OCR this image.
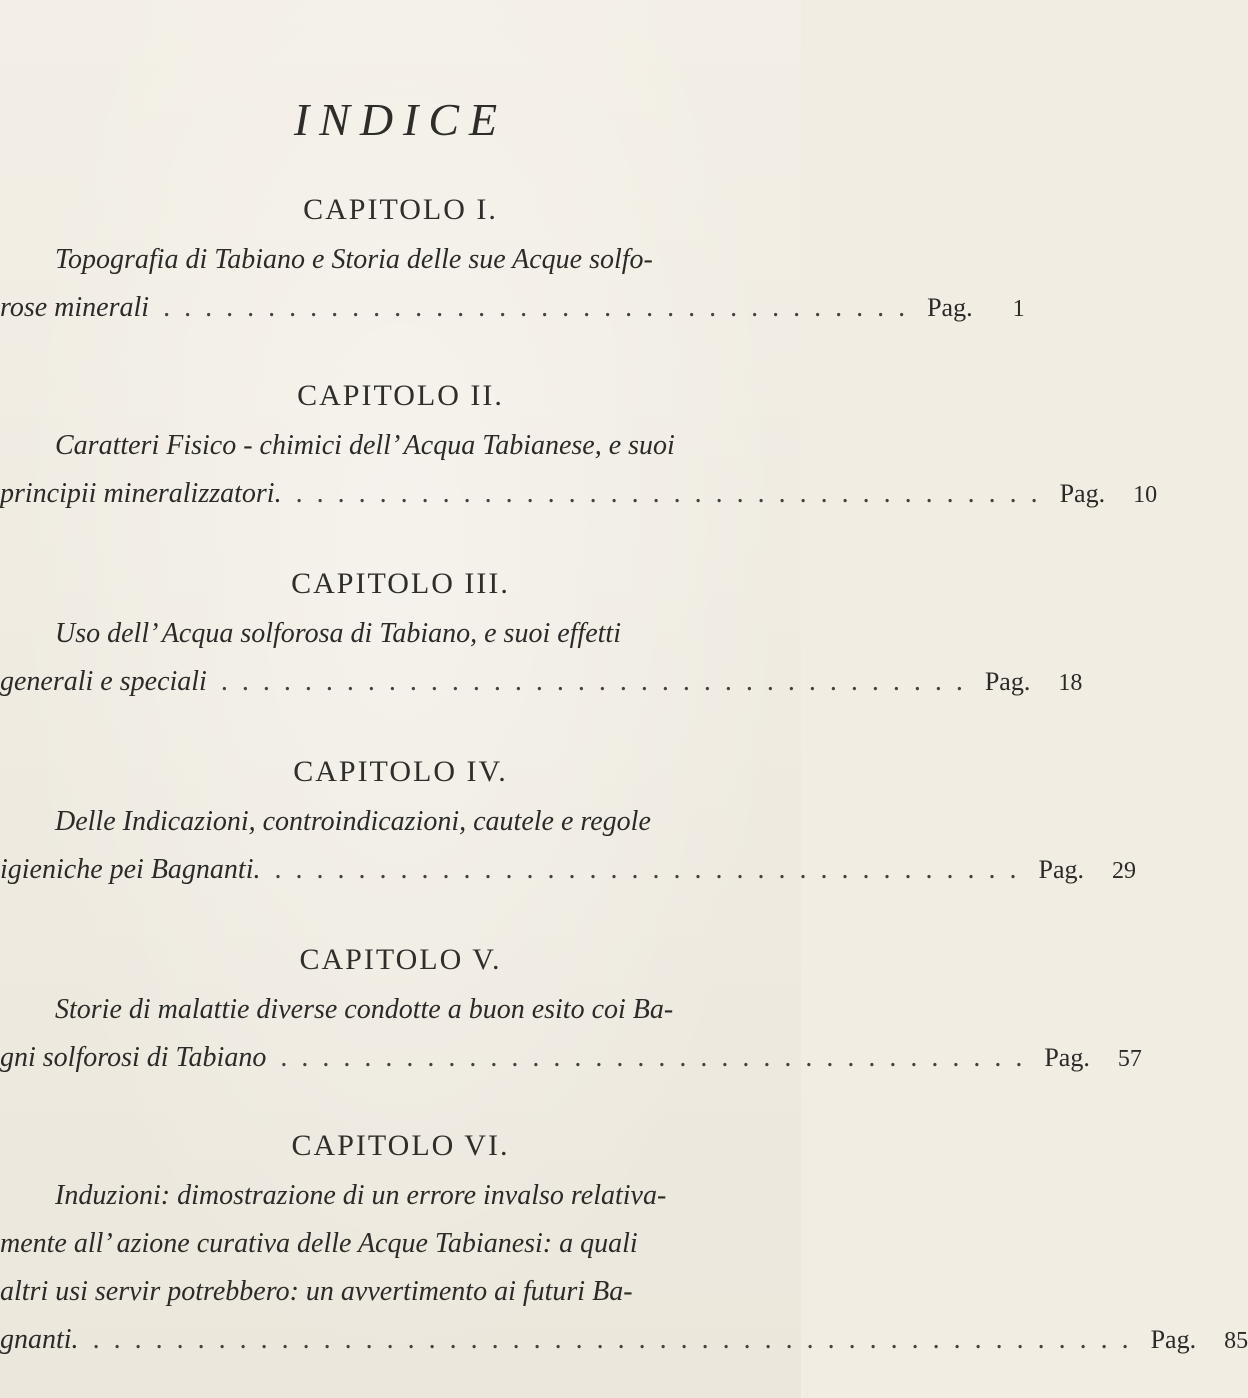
INDICE

CAPITOLO I.

Topografia di Tabiano e Storia delle sue Acque solfo-

rose minerali .................................... Pag.	1

CAPITOLO II.

Caratteri Fisico - chimici dell’ Acqua Tabianese, e suoi

principii mineralizzatori. .................................... Pag.	10

CAPITOLO III.

Uso dell’ Acqua solforosa di Tabiano, e suoi effetti

generali e speciali .................................... Pag.	18

CAPITOLO IV.

Delle Indicazioni, controindicazioni, cautele e regole

igieniche pei Bagnanti. .................................... Pag.	29

CAPITOLO V.

Storie di malattie diverse condotte a buon esito coi Ba-

gni solforosi di Tabiano .................................... Pag.	57

CAPITOLO VI.

Induzioni: dimostrazione di un errore invalso relativa-

mente all’ azione curativa delle Acque Tabianesi: a quali

altri usi servir potrebbero: un avvertimento ai futuri Ba-

gnanti. .................................................. Pag.	85
